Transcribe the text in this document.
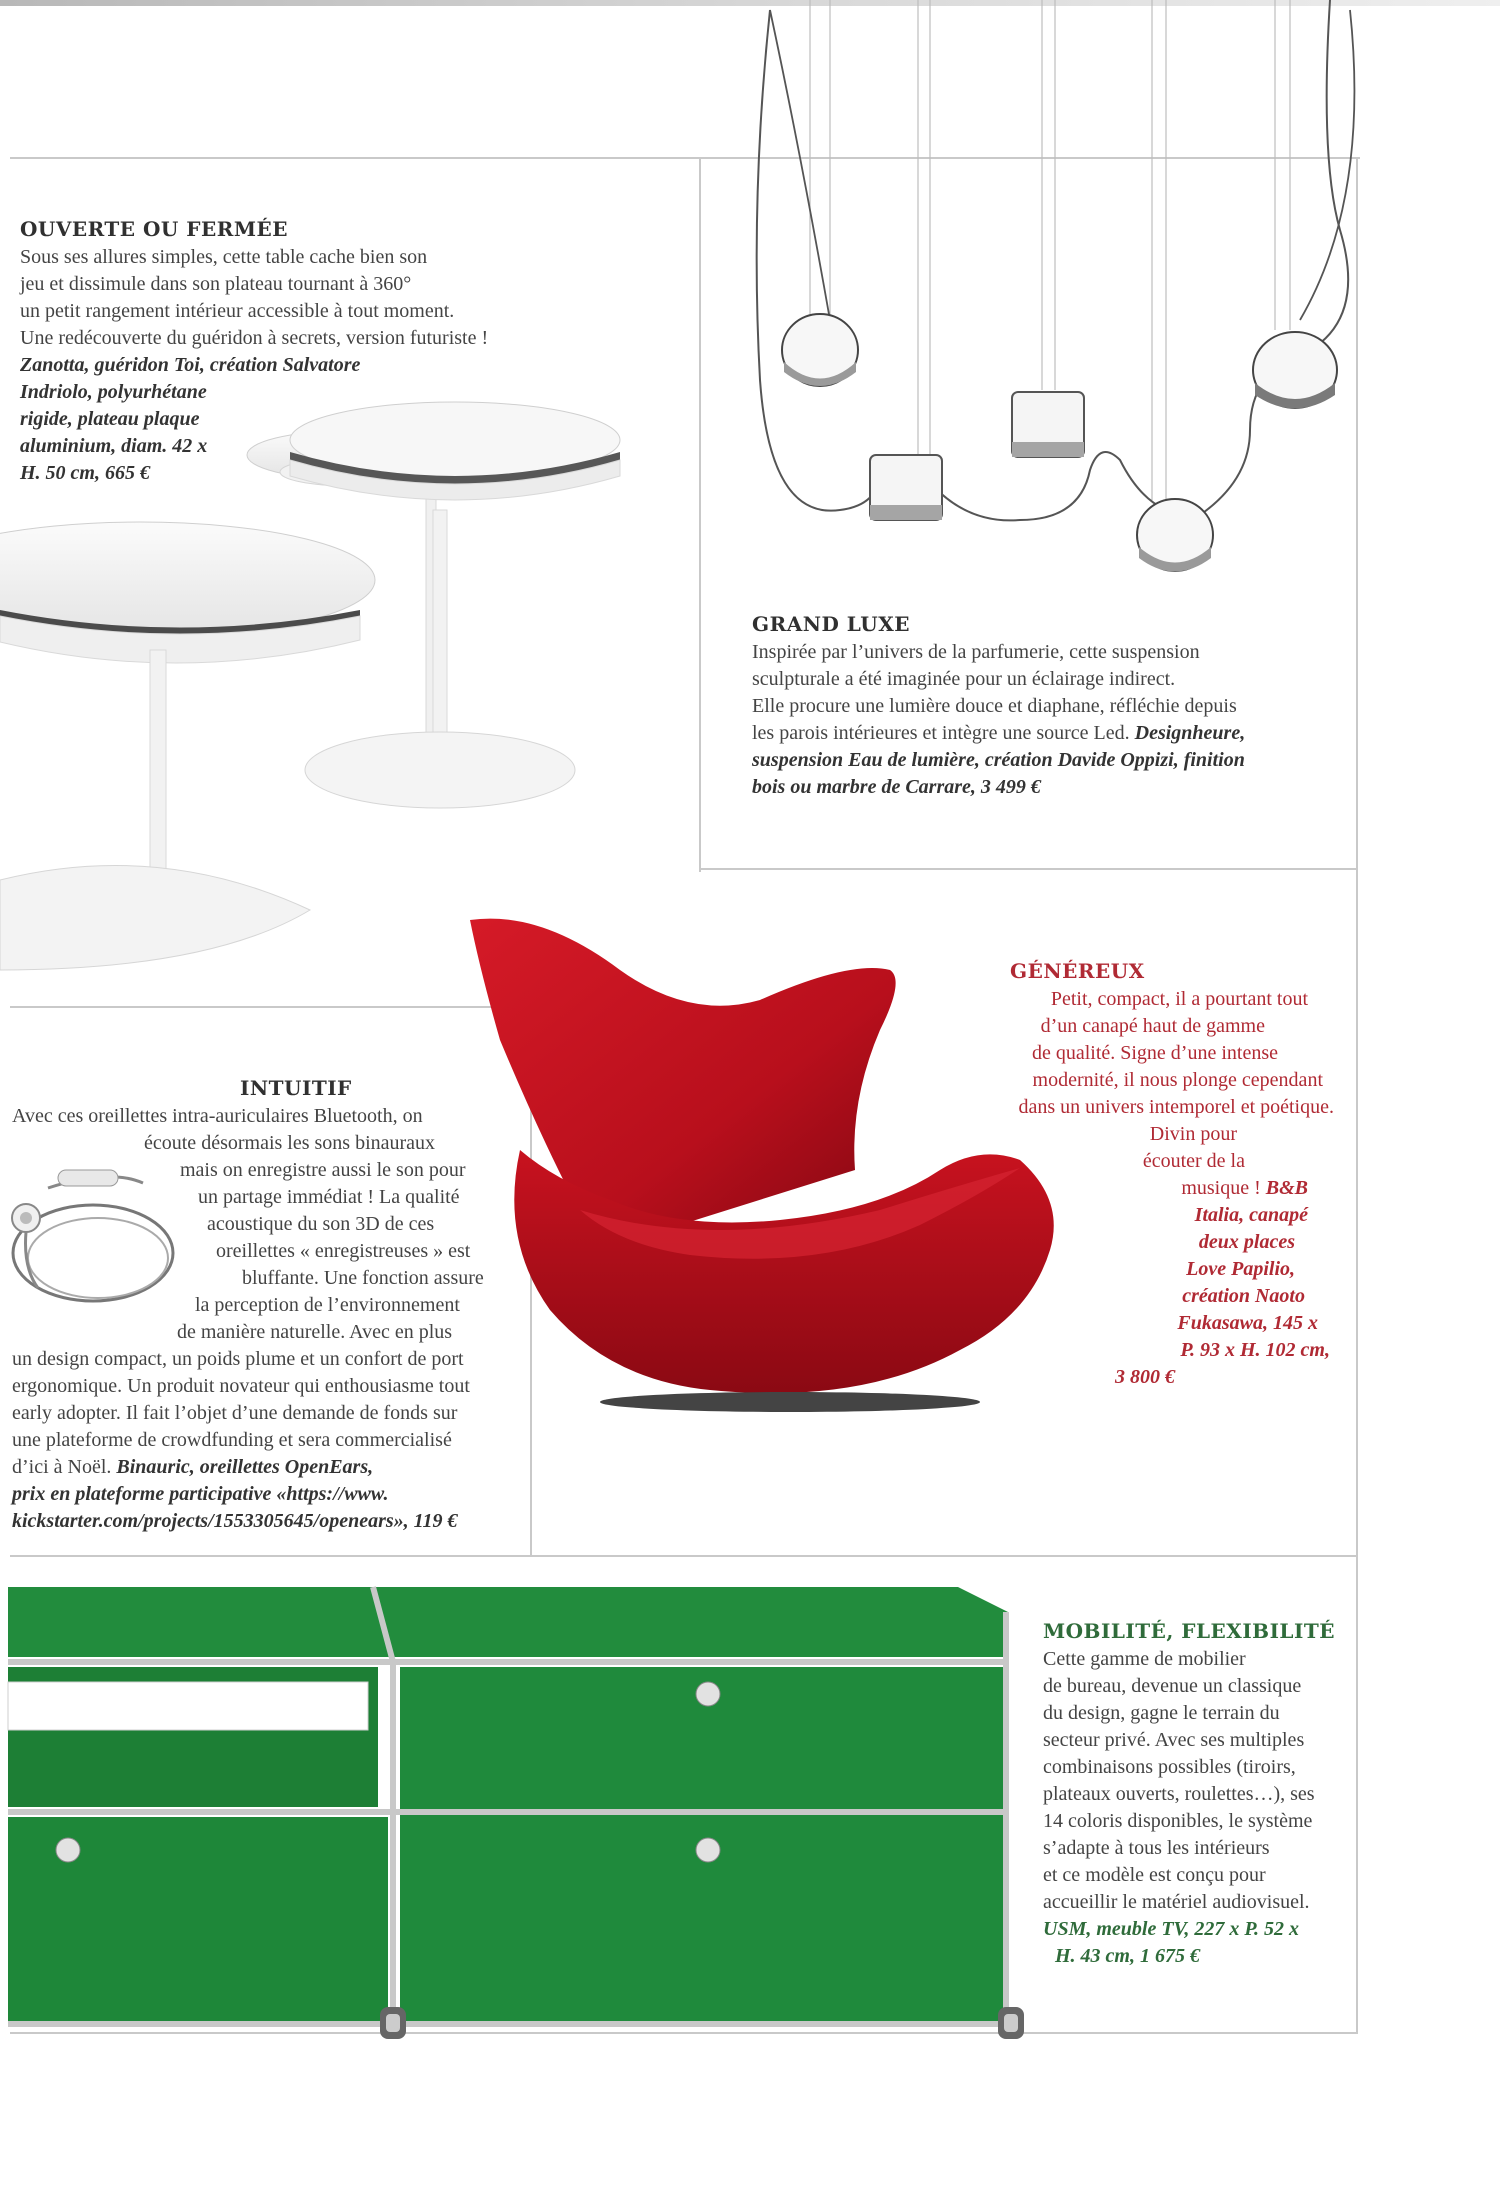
OUVERTE OU FERMÉE
Sous ses allures simples, cette table cache bien son
jeu et dissimule dans son plateau tournant à 360°
un petit rangement intérieur accessible à tout moment.
Une redécouverte du guéridon à secrets, version futuriste !
Zanotta, guéridon Toi, création Salvatore
Indriolo, polyurhétane
rigide, plateau plaque
aluminium, diam. 42 x
H. 50 cm, 665 €
GRAND LUXE
Inspirée par l’univers de la parfumerie, cette suspension
sculpturale a été imaginée pour un éclairage indirect.
Elle procure une lumière douce et diaphane, réfléchie depuis
les parois intérieures et intègre une source Led. Designheure,
suspension Eau de lumière, création Davide Oppizi, finition
bois ou marbre de Carrare, 3 499 €
GÉNÉREUX
Petit, compact, il a pourtant tout
d’un canapé haut de gamme
de qualité. Signe d’une intense
modernité, il nous plonge cependant
dans un univers intemporel et poétique.
Divin pour
écouter de la
musique ! B&B
Italia, canapé
deux places
Love Papilio,
création Naoto
Fukasawa, 145 x
P. 93 x H. 102 cm,
3 800 €
INTUITIF
Avec ces oreillettes intra-auriculaires Bluetooth, on
écoute désormais les sons binauraux
mais on enregistre aussi le son pour
un partage immédiat ! La qualité
acoustique du son 3D de ces
oreillettes « enregistreuses » est
bluffante. Une fonction assure
la perception de l’environnement
de manière naturelle. Avec en plus
un design compact, un poids plume et un confort de port
ergonomique. Un produit novateur qui enthousiasme tout
early adopter. Il fait l’objet d’une demande de fonds sur
une plateforme de crowdfunding et sera commercialisé
d’ici à Noël. Binauric, oreillettes OpenEars,
prix en plateforme participative «https://www.
kickstarter.com/projects/1553305645/openears», 119 €
MOBILITÉ, FLEXIBILITÉ
Cette gamme de mobilier
de bureau, devenue un classique
du design, gagne le terrain du
secteur privé. Avec ses multiples
combinaisons possibles (tiroirs,
plateaux ouverts, roulettes…), ses
14 coloris disponibles, le système
s’adapte à tous les intérieurs
et ce modèle est conçu pour
accueillir le matériel audiovisuel.
USM, meuble TV, 227 x P. 52 x
H. 43 cm, 1 675 €
